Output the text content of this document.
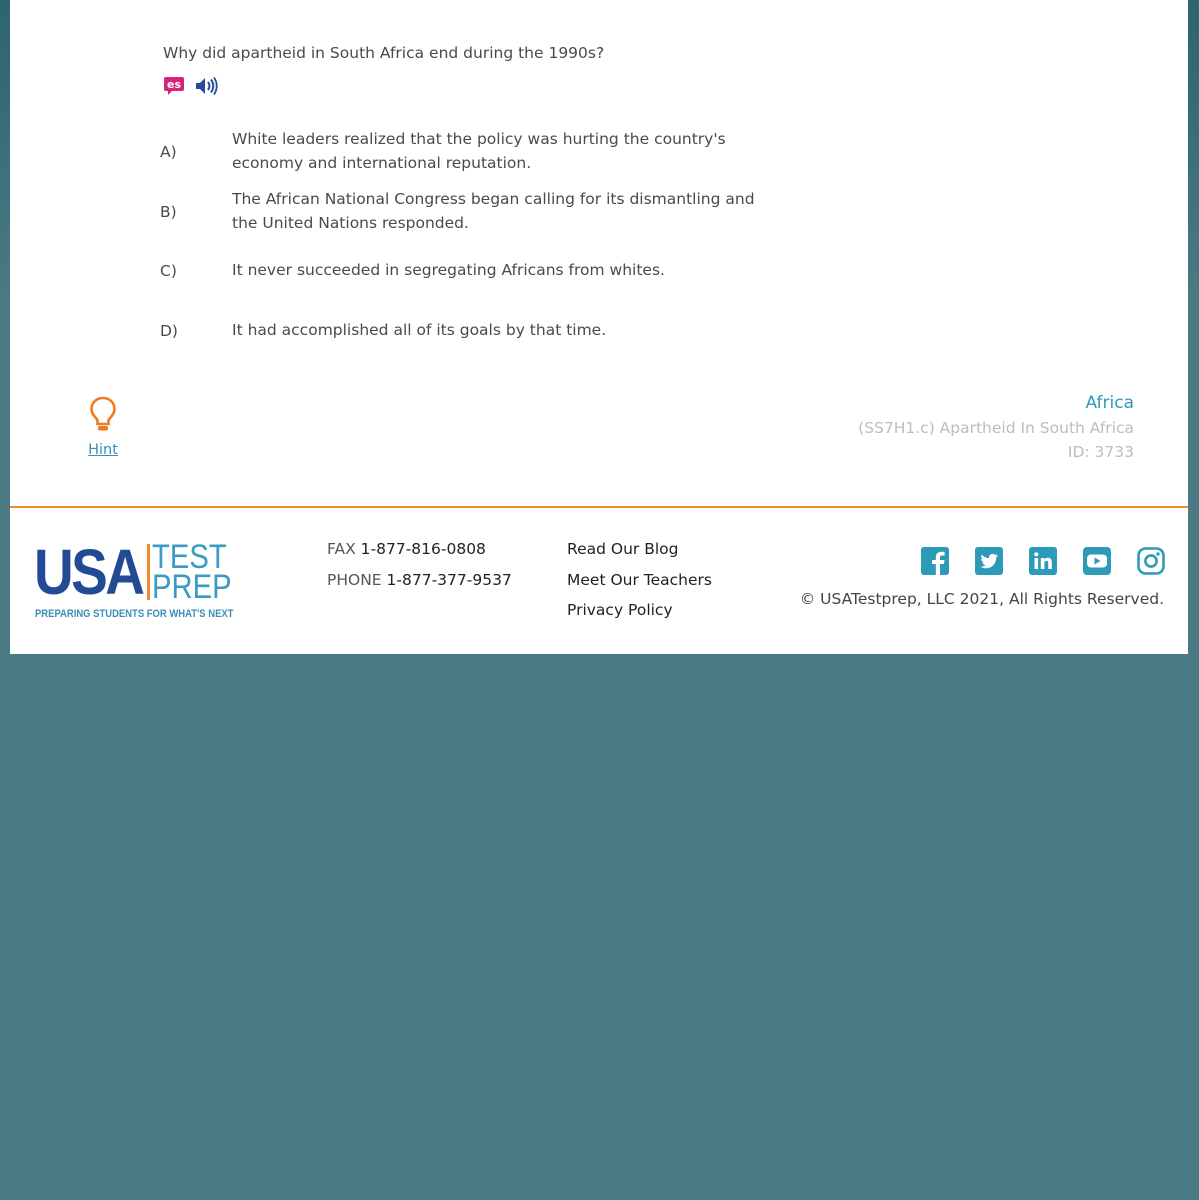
Why did apartheid in South Africa end during the 1990s?
es
A)
White leaders realized that the policy was hurting the country's economy and international reputation.
B)
The African National Congress began calling for its dismantling and the United Nations responded.
C)	It never succeeded in segregating Africans from whites.
D)	It had accomplished all of its goals by that time.
Hint
Africa
(SS7H1.c) Apartheid In South Africa
ID: 3733
USA TEST
PREP
PREPARING STUDENTS FOR WHAT'S NEXT
FAX 1-877-816-0808
PHONE 1-877-377-9537
Read Our Blog
Meet Our Teachers
Privacy Policy
© USATestprep, LLC 2021, All Rights Reserved.
